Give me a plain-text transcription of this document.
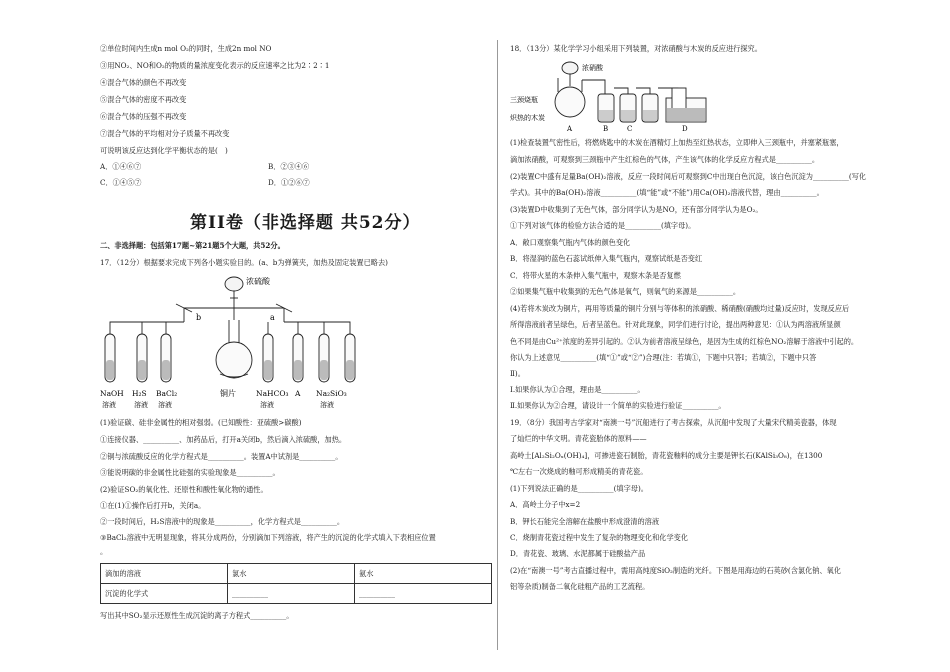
②单位时间内生成n mol O₂的同时，生成2n mol NO
③用NO₂、NO和O₂的物质的量浓度变化表示的反应速率之比为2∶2∶1
④混合气体的颜色不再改变
⑤混合气体的密度不再改变
⑥混合气体的压强不再改变
⑦混合气体的平均相对分子质量不再改变
可说明该反应达到化学平衡状态的是(　)
A．①④⑥⑦	B．②③④⑥
C．①④⑤⑦	D．①②⑥⑦
第II卷（非选择题 共52分）
二、非选择题：包括第17题~第21题5个大题，共52分。
17．（12分）根据要求完成下列各小题实验目的。(a、b为弹簧夹，加热及固定装置已略去)
浓硫酸
b	a
铜片
NaOH H₂S BaCl₂	NaHCO₃ A Na₂SiO₃
溶液	溶液 溶液	溶液	溶液
(1)验证碳、硅非金属性的相对强弱。(已知酸性：亚硫酸>碳酸)
①连接仪器、__________、加药品后，打开a关闭b，然后滴入浓硫酸，加热。
②铜与浓硫酸反应的化学方程式是__________。装置A中试剂是__________。
③能说明碳的非金属性比硅强的实验现象是__________。
(2)验证SO₂的氧化性、还原性和酸性氧化物的通性。
①在(1)①操作后打开b，关闭a。
②一段时间后，H₂S溶液中的现象是__________，化学方程式是__________。
③BaCl₂溶液中无明显现象，将其分成两份，分别滴加下列溶液，将产生的沉淀的化学式填入下表相应位置
。
滴加的溶液	氯水	氨水
沉淀的化学式	__________	__________
写出其中SO₂显示还原性生成沉淀的离子方程式__________。
18．（13分）某化学学习小组采用下列装置，对浓硝酸与木炭的反应进行探究。
浓硝酸
三颈烧瓶
炽热的木炭
A	B	C	D
(1)检查装置气密性后，将燃烧匙中的木炭在酒精灯上加热至红热状态，立即伸入三颈瓶中，并塞紧瓶塞，
滴加浓硝酸，可观察到三颈瓶中产生红棕色的气体，产生该气体的化学反应方程式是__________。
(2)装置C中盛有足量Ba(OH)₂溶液，反应一段时间后可观察到C中出现白色沉淀，该白色沉淀为__________(写化
学式)。其中的Ba(OH)₂溶液__________(填“能”或“不能”)用Ca(OH)₂溶液代替，理由__________。
(3)装置D中收集到了无色气体，部分同学认为是NO，还有部分同学认为是O₂。
①下列对该气体的检验方法合适的是__________(填字母)。
A．敞口观察集气瓶内气体的颜色变化
B．将湿润的蓝色石蕊试纸伸入集气瓶内，观察试纸是否变红
C．将带火星的木条伸入集气瓶中，观察木条是否复燃
②如果集气瓶中收集到的无色气体是氧气，则氧气的来源是__________。
(4)若将木炭改为铜片，再用等质量的铜片分别与等体积的浓硝酸、稀硝酸(硝酸均过量)反应时，发现反应后
所得溶液前者呈绿色，后者呈蓝色。针对此现象，同学们进行讨论，提出两种意见：①认为两溶液所显颜
色不同是由Cu²⁺浓度的差异引起的。②认为前者溶液呈绿色，是因为生成的红棕色NO₂溶解于溶液中引起的。
你认为上述意见__________(填“①”或“②”)合理(注：若填①，下题中只答Ⅰ；若填②，下题中只答
Ⅱ)。
Ⅰ.如果你认为①合理，理由是__________。
Ⅱ.如果你认为②合理，请设计一个简单的实验进行验证__________。
19．（8分）我国考古学家对“南澳一号”沉船进行了考古探索，从沉船中发现了大量宋代精美瓷器，体现
了灿烂的中华文明。青花瓷胎体的原料——
高岭土[Al₂Si₂Oₓ(OH)₄]，可掺进瓷石制胎，青花瓷釉料的成分主要是钾长石(KAlSi₃O₈)，在1300
℃左右一次烧成的釉可形成精美的青花瓷。
(1)下列说法正确的是__________(填字母)。
A．高岭土分子中x=2
B．钾长石能完全溶解在盐酸中形成澄清的溶液
C．烧制青花瓷过程中发生了复杂的物理变化和化学变化
D．青花瓷、玻璃、水泥都属于硅酸盐产品
(2)在“南澳一号”考古直播过程中，需用高纯度SiO₂制造的光纤。下图是用海边的石英砂(含氯化钠、氧化
铝等杂质)制备二氧化硅粗产品的工艺流程。
